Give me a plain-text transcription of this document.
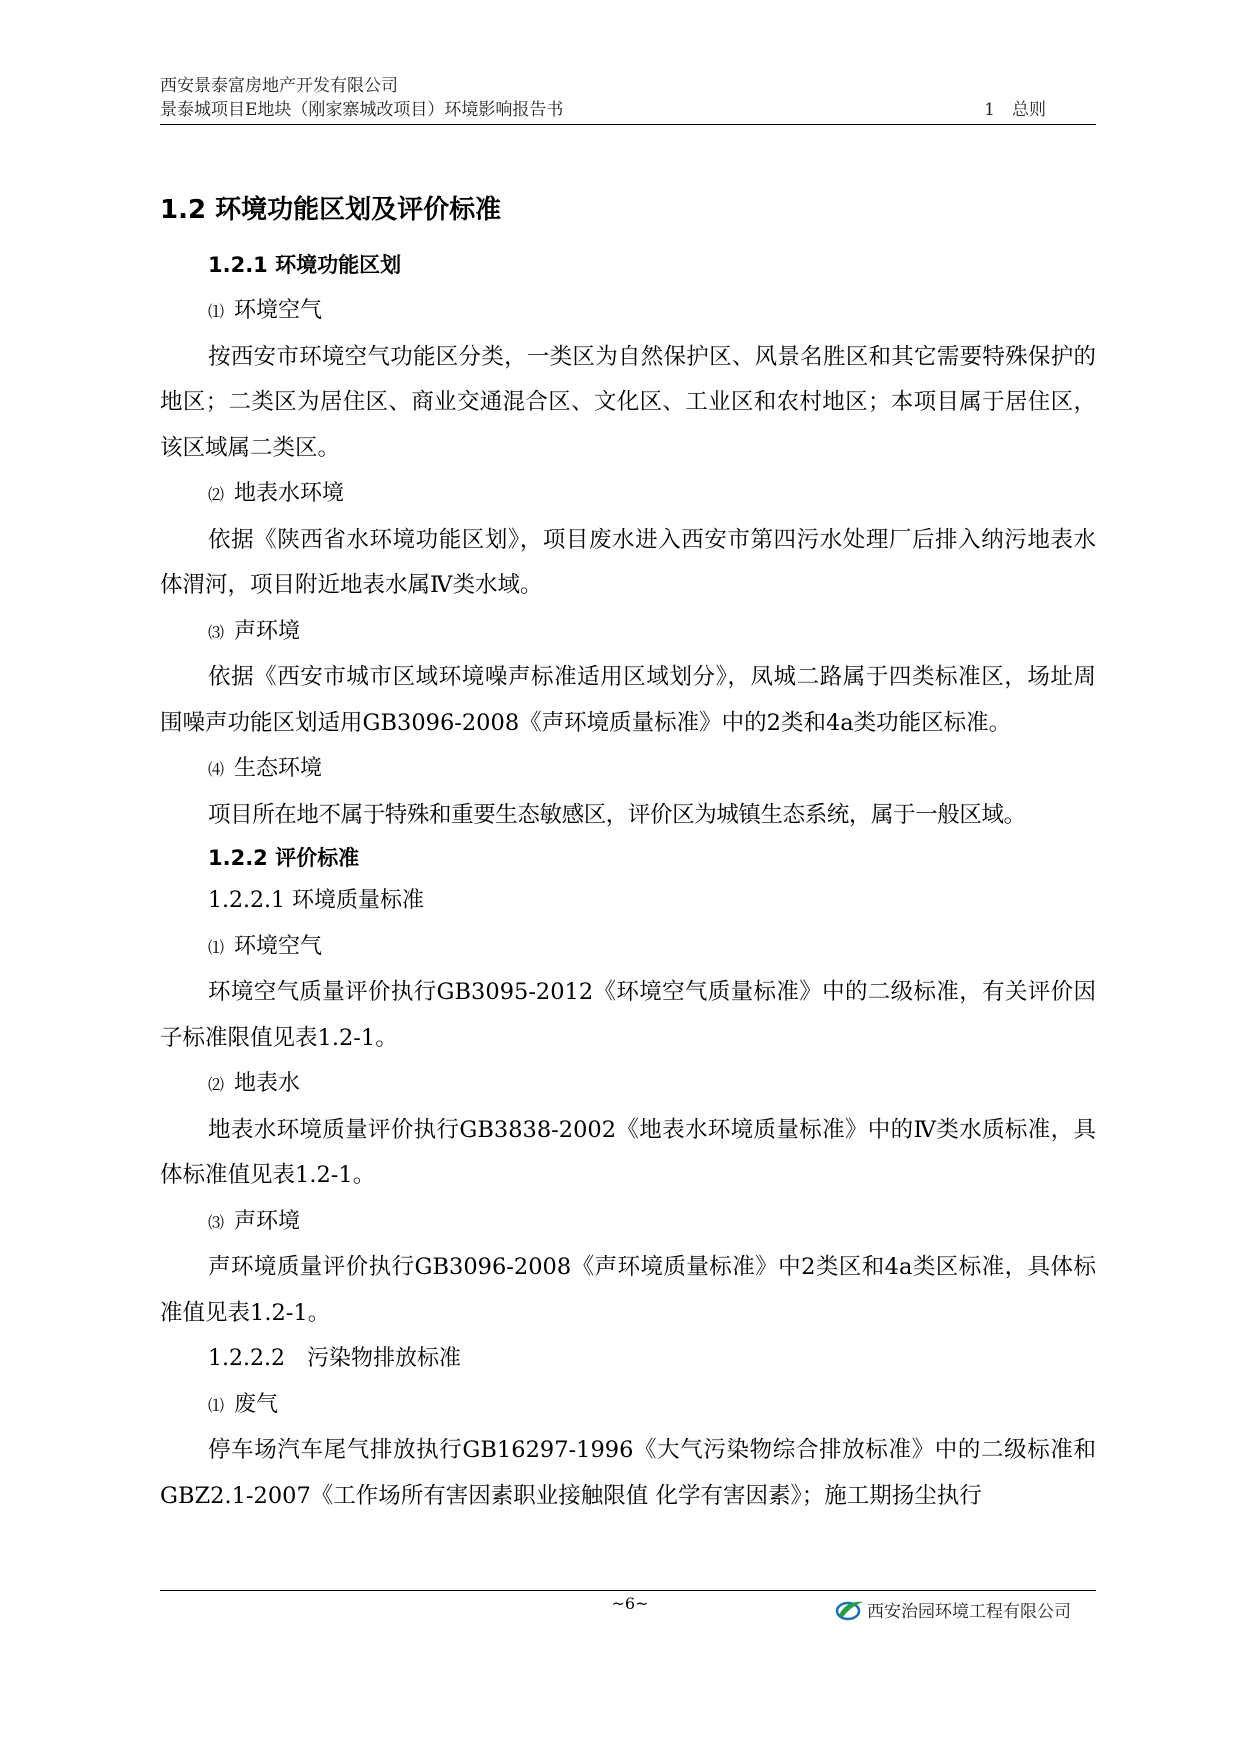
西安景泰富房地产开发有限公司
景泰城项目E地块（刚家寨城改项目）环境影响报告书	1　总则
1.2 环境功能区划及评价标准
1.2.1 环境功能区划
⑴ 环境空气

按西安市环境空气功能区分类，一类区为自然保护区、风景名胜区和其它需要特殊保护的地区；二类区为居住区、商业交通混合区、文化区、工业区和农村地区；本项目属于居住区，该区域属二类区。

⑵ 地表水环境

依据《陕西省水环境功能区划》，项目废水进入西安市第四污水处理厂后排入纳污地表水体渭河，项目附近地表水属Ⅳ类水域。

⑶ 声环境

依据《西安市城市区域环境噪声标准适用区域划分》，凤城二路属于四类标准区，场址周围噪声功能区划适用GB3096-2008《声环境质量标准》中的2类和4a类功能区标准。

⑷ 生态环境

项目所在地不属于特殊和重要生态敏感区，评价区为城镇生态系统，属于一般区域。

1.2.2 评价标准
1.2.2.1 环境质量标准
⑴ 环境空气

环境空气质量评价执行GB3095-2012《环境空气质量标准》中的二级标准，有关评价因子标准限值见表1.2-1。

⑵ 地表水

地表水环境质量评价执行GB3838-2002《地表水环境质量标准》中的Ⅳ类水质标准，具体标准值见表1.2-1。

⑶ 声环境

声环境质量评价执行GB3096-2008《声环境质量标准》中2类区和4a类区标准，具体标准值见表1.2-1。

1.2.2.2　污染物排放标准
⑴ 废气

停车场汽车尾气排放执行GB16297-1996《大气污染物综合排放标准》中的二级标准和GBZ2.1-2007《工作场所有害因素职业接触限值 化学有害因素》；施工期扬尘执行

~6~	西安治园环境工程有限公司
